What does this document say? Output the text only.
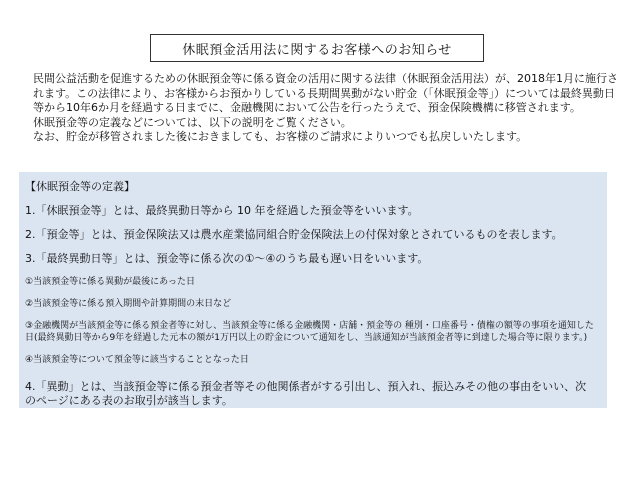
休眠預金活用法に関するお客様へのお知らせ

民間公益活動を促進するための休眠預金等に係る資金の活用に関する法律（休眠預金活用法）が、2018年1月に施行されます。この法律により、お客様からお預かりしている長期間異動がない貯金（「休眠預金等」）については最終異動日等から10年6か月を経過する日までに、金融機関において公告を行ったうえで、預金保険機構に移管されます。

休眠預金等の定義などについては、以下の説明をご覧ください。

なお、貯金が移管されました後におきましても、お客様のご請求によりいつでも払戻しいたします。

【休眠預金等の定義】
1.「休眠預金等」とは、最終異動日等から 10 年を経過した預金等をいいます。
2.「預金等」とは、預金保険法又は農水産業協同組合貯金保険法上の付保対象とされているものを表します。
3.「最終異動日等」とは、預金等に係る次の①～④のうち最も遅い日をいいます。
①当該預金等に係る異動が最後にあった日
②当該預金等に係る預入期間や計算期間の末日など
③金融機関が当該預金等に係る預金者等に対し、当該預金等に係る金融機関・店舗・預金等の 種別・口座番号・債権の額等の事項を通知した日(最終異動日等から9年を経過した元本の額が1万円以上の貯金について通知をし、当該通知が当該預金者等に到達した場合等に限ります。)
④当該預金等について預金等に該当することとなった日
4.「異動」とは、当該預金等に係る預金者等その他関係者がする引出し、預入れ、振込みその他の事由をいい、次のページにある表のお取引が該当します。
